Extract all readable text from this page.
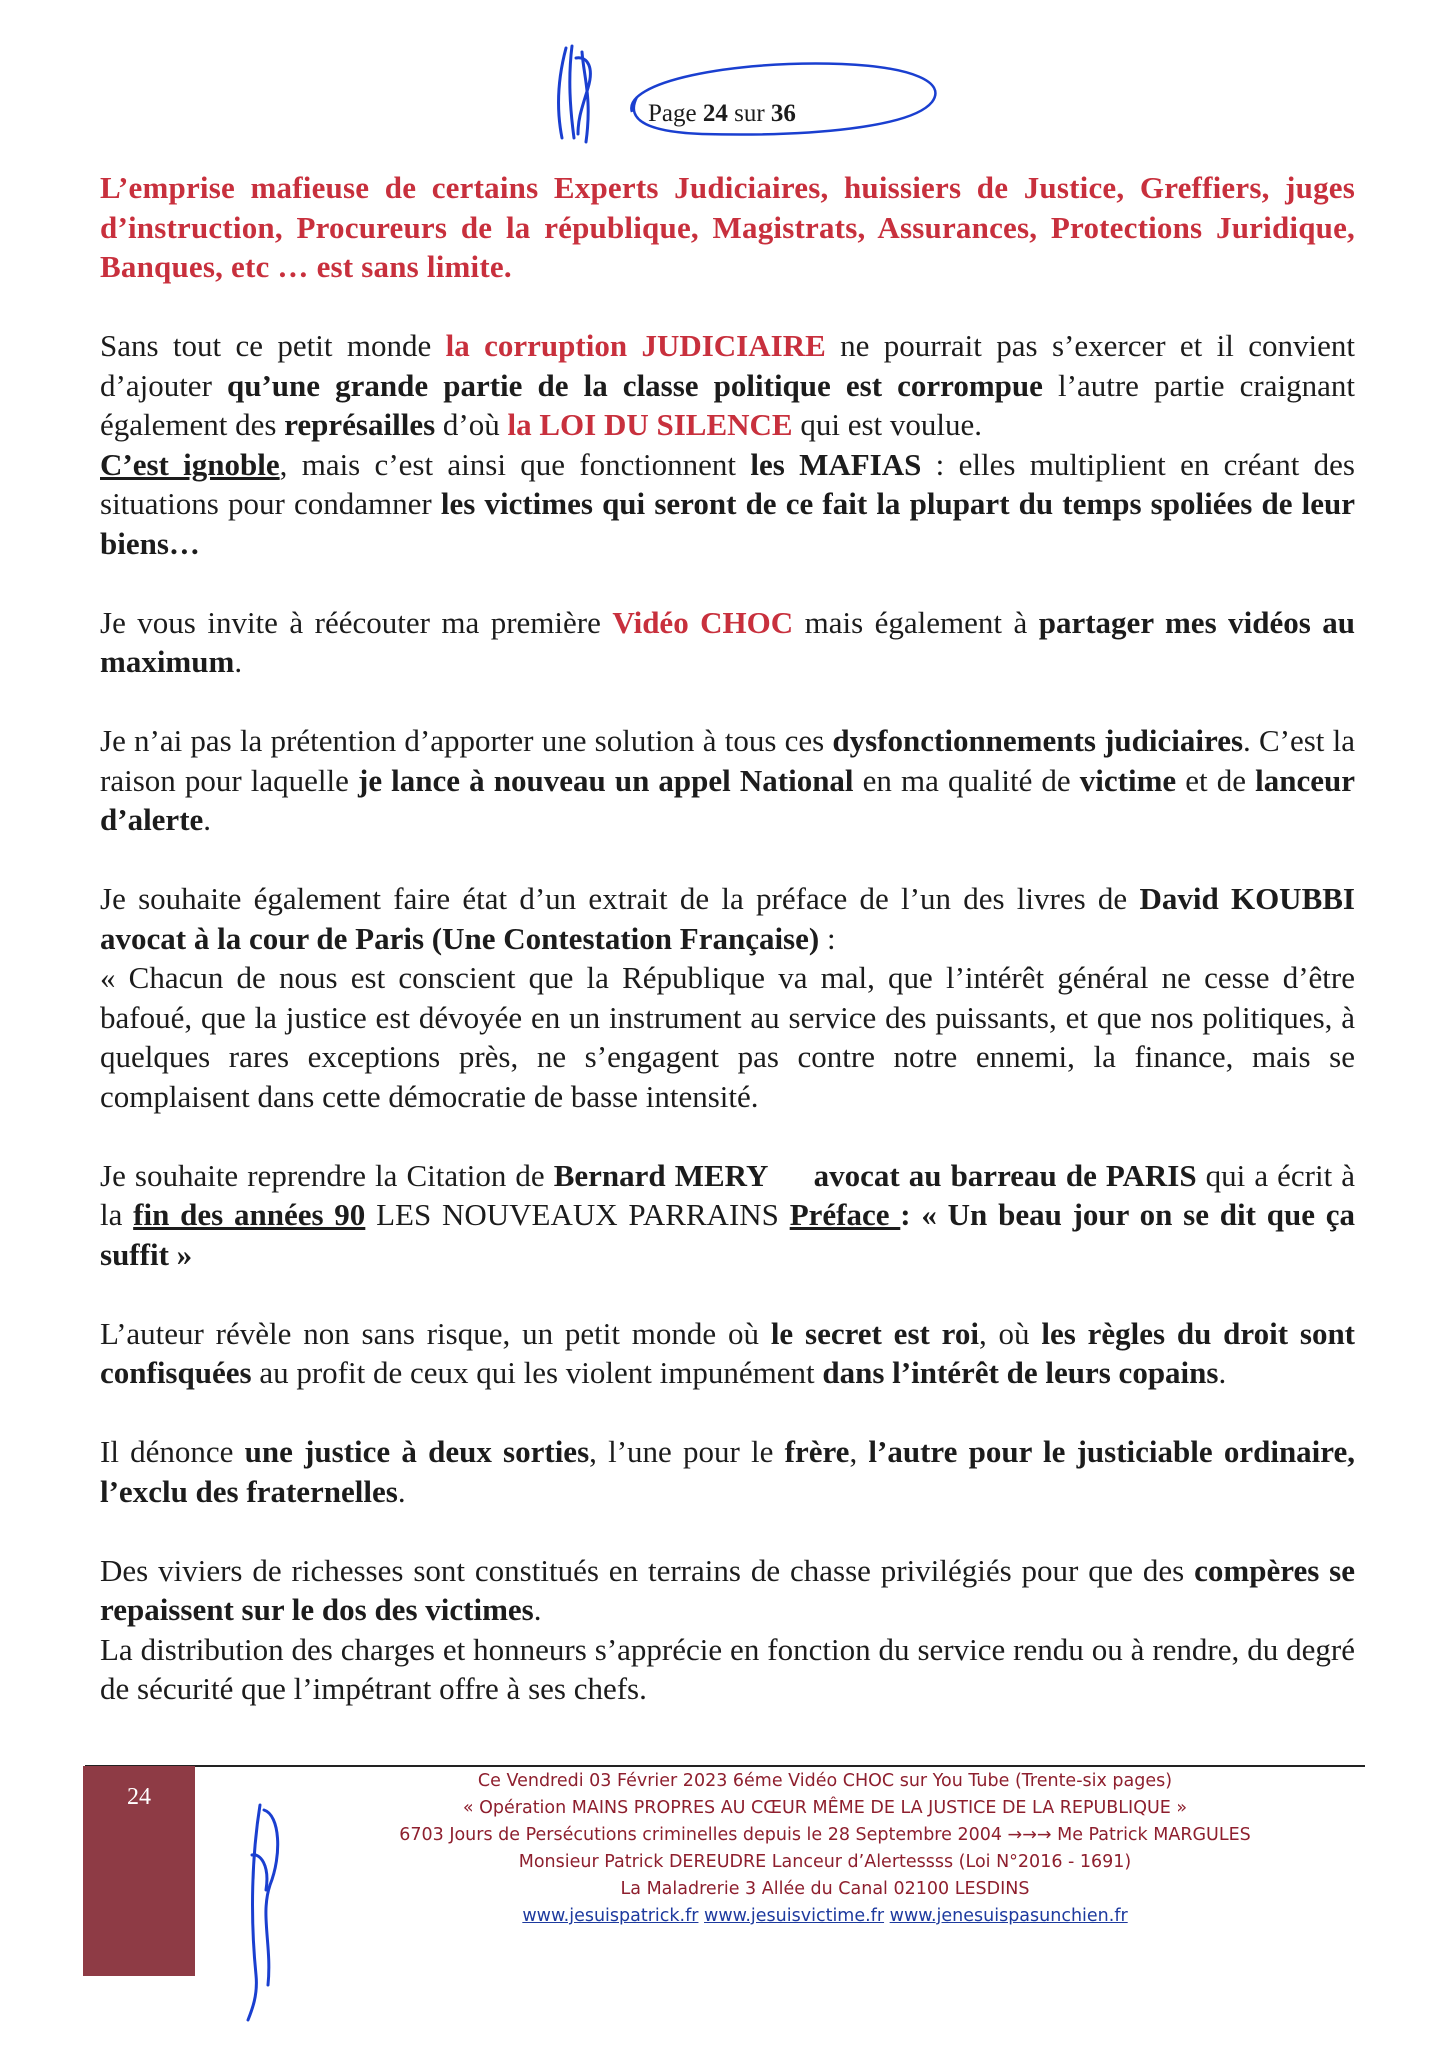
Page 24 sur 36

L’emprise mafieuse de certains Experts Judiciaires, huissiers de Justice, Greffiers, juges d’instruction, Procureurs de la république, Magistrats, Assurances, Protections Juridique, Banques, etc … est sans limite.

Sans tout ce petit monde la corruption JUDICIAIRE ne pourrait pas s’exercer et il convient d’ajouter qu’une grande partie de la classe politique est corrompue l’autre partie craignant également des représailles d’où la LOI DU SILENCE qui est voulue.

C’est ignoble, mais c’est ainsi que fonctionnent les MAFIAS : elles multiplient en créant des situations pour condamner les victimes qui seront de ce fait la plupart du temps spoliées de leur biens…

Je vous invite à réécouter ma première Vidéo CHOC mais également à partager mes vidéos au maximum.

Je n’ai pas la prétention d’apporter une solution à tous ces dysfonctionnements judiciaires. C’est la raison pour laquelle je lance à nouveau un appel National en ma qualité de victime et de lanceur d’alerte.

Je souhaite également faire état d’un extrait de la préface de l’un des livres de David KOUBBI avocat à la cour de Paris (Une Contestation Française) :

« Chacun de nous est conscient que la République va mal, que l’intérêt général ne cesse d’être bafoué, que la justice est dévoyée en un instrument au service des puissants, et que nos politiques, à quelques rares exceptions près, ne s’engagent pas contre notre ennemi, la finance, mais se complaisent dans cette démocratie de basse intensité.

Je souhaite reprendre la Citation de Bernard MERY avocat au barreau de PARIS qui a écrit à la fin des années 90 LES NOUVEAUX PARRAINS Préface : « Un beau jour on se dit que ça suffit »

L’auteur révèle non sans risque, un petit monde où le secret est roi, où les règles du droit sont confisquées au profit de ceux qui les violent impunément dans l’intérêt de leurs copains.

Il dénonce une justice à deux sorties, l’une pour le frère, l’autre pour le justiciable ordinaire, l’exclu des fraternelles.

Des viviers de richesses sont constitués en terrains de chasse privilégiés pour que des compères se repaissent sur le dos des victimes.

La distribution des charges et honneurs s’apprécie en fonction du service rendu ou à rendre, du degré de sécurité que l’impétrant offre à ses chefs.

24
Ce Vendredi 03 Février 2023 6éme Vidéo CHOC sur You Tube (Trente-six pages)
« Opération MAINS PROPRES AU CŒUR MÊME DE LA JUSTICE DE LA REPUBLIQUE »
6703 Jours de Persécutions criminelles depuis le 28 Septembre 2004 →→→ Me Patrick MARGULES
Monsieur Patrick DEREUDRE Lanceur d’Alertessss (Loi N°2016 - 1691)
La Maladrerie 3 Allée du Canal 02100 LESDINS
www.jesuispatrick.fr www.jesuisvictime.fr www.jenesuispasunchien.fr
